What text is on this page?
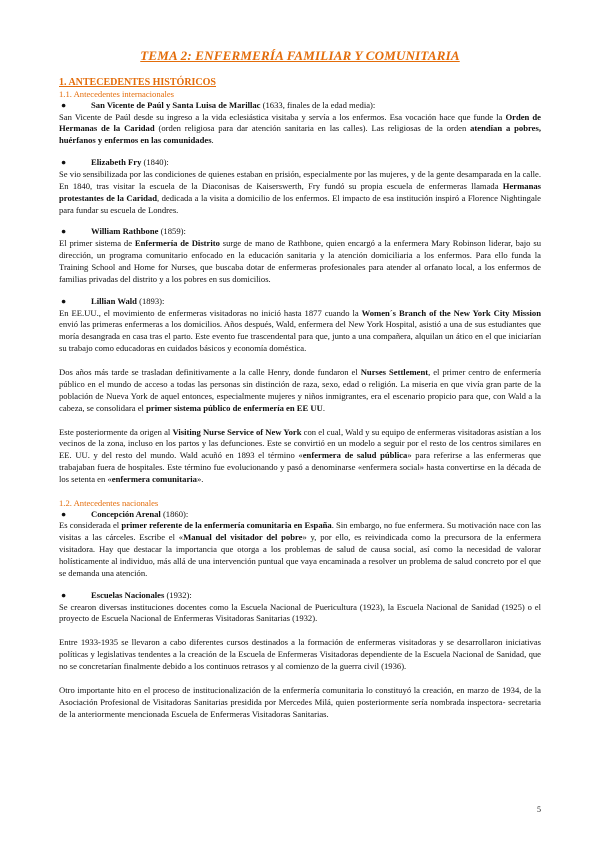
TEMA 2: ENFERMERÍA FAMILIAR Y COMUNITARIA
1. ANTECEDENTES HISTÓRICOS
1.1. Antecedentes internacionales
●	San Vicente de Paúl y Santa Luisa de Marillac (1633, finales de la edad media):

San Vicente de Paúl desde su ingreso a la vida eclesiástica visitaba y servía a los enfermos. Esa vocación hace que funde la Orden de Hermanas de la Caridad (orden religiosa para dar atención sanitaria en las calles). Las religiosas de la orden atendían a pobres, huérfanos y enfermos en las comunidades.

●	Elizabeth Fry (1840):

Se vio sensibilizada por las condiciones de quienes estaban en prisión, especialmente por las mujeres, y de la gente desamparada en la calle. En 1840, tras visitar la escuela de la Diaconisas de Kaiserswerth, Fry fundó su propia escuela de enfermeras llamada Hermanas protestantes de la Caridad, dedicada a la visita a domicilio de los enfermos. El impacto de esa institución inspiró a Florence Nightingale para fundar su escuela de Londres.

●	William Rathbone (1859):

El primer sistema de Enfermería de Distrito surge de mano de Rathbone, quien encargó a la enfermera Mary Robinson liderar, bajo su dirección, un programa comunitario enfocado en la educación sanitaria y la atención domiciliaria a los enfermos. Para ello funda la Training School and Home for Nurses, que buscaba dotar de enfermeras profesionales para atender al orfanato local, a los enfermos de familias privadas del distrito y a los pobres en sus domicilios.

●	Lillian Wald (1893):

En EE.UU., el movimiento de enfermeras visitadoras no inició hasta 1877 cuando la Women´s Branch of the New York City Mission envió las primeras enfermeras a los domicilios. Años después, Wald, enfermera del New York Hospital, asistió a una de sus estudiantes que moría desangrada en casa tras el parto. Este evento fue trascendental para que, junto a una compañera, alquilan un ático en el que iniciarían su trabajo como educadoras en cuidados básicos y economía doméstica.

Dos años más tarde se trasladan definitivamente a la calle Henry, donde fundaron el Nurses Settlement, el primer centro de enfermería público en el mundo de acceso a todas las personas sin distinción de raza, sexo, edad o religión. La miseria en que vivía gran parte de la población de Nueva York de aquel entonces, especialmente mujeres y niños inmigrantes, era el escenario propicio para que, con Wald a la cabeza, se consolidara el primer sistema público de enfermería en EE UU.

Este posteriormente da origen al Visiting Nurse Service of New York con el cual, Wald y su equipo de enfermeras visitadoras asistían a los vecinos de la zona, incluso en los partos y las defunciones. Este se convirtió en un modelo a seguir por el resto de los centros similares en EE. UU. y del resto del mundo. Wald acuñó en 1893 el término «enfermera de salud pública» para referirse a las enfermeras que trabajaban fuera de hospitales. Este término fue evolucionando y pasó a denominarse «enfermera social» hasta convertirse en la década de los setenta en «enfermera comunitaria».

1.2. Antecedentes nacionales
●	Concepción Arenal (1860):

Es considerada el primer referente de la enfermería comunitaria en España. Sin embargo, no fue enfermera. Su motivación nace con las visitas a las cárceles. Escribe el «Manual del visitador del pobre» y, por ello, es reivindicada como la precursora de la enfermera visitadora. Hay que destacar la importancia que otorga a los problemas de salud de causa social, así como la necesidad de valorar holísticamente al individuo, más allá de una intervención puntual que vaya encaminada a resolver un problema de salud concreto por el que se demanda una atención.

●	Escuelas Nacionales (1932):

Se crearon diversas instituciones docentes como la Escuela Nacional de Puericultura (1923), la Escuela Nacional de Sanidad (1925) o el proyecto de Escuela Nacional de Enfermeras Visitadoras Sanitarias (1932).

Entre 1933-1935 se llevaron a cabo diferentes cursos destinados a la formación de enfermeras visitadoras y se desarrollaron iniciativas políticas y legislativas tendentes a la creación de la Escuela de Enfermeras Visitadoras dependiente de la Escuela Nacional de Sanidad, que no se concretarían finalmente debido a los continuos retrasos y al comienzo de la guerra civil (1936).

Otro importante hito en el proceso de institucionalización de la enfermería comunitaria lo constituyó la creación, en marzo de 1934, de la Asociación Profesional de Visitadoras Sanitarias presidida por Mercedes Milá, quien posteriormente sería nombrada inspectora- secretaria de la anteriormente mencionada Escuela de Enfermeras Visitadoras Sanitarias.

5
